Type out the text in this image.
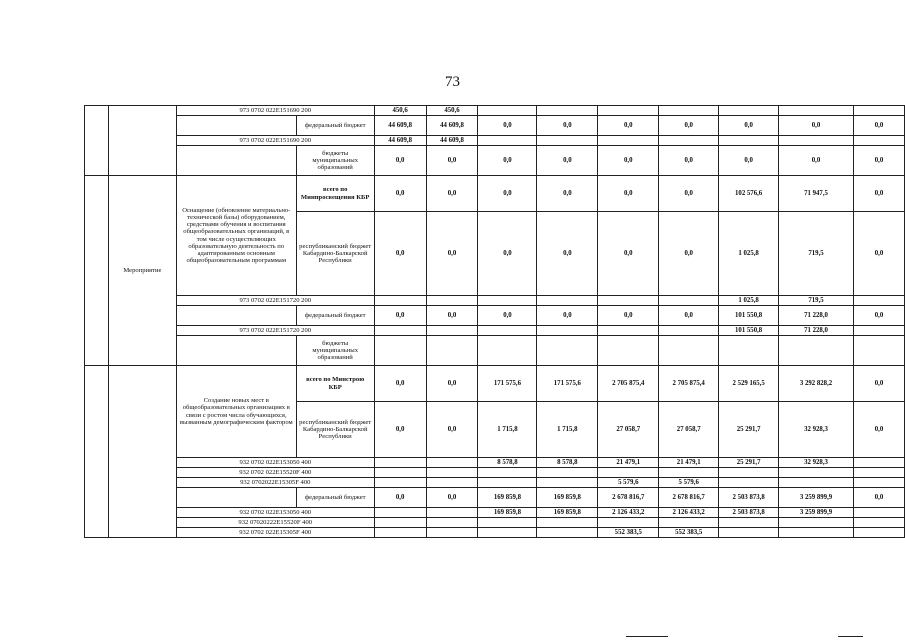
73
		973 0702 022E151690 200		450,6	450,6							
			федеральный бюджет	44 609,8	44 609,8	0,0	0,0	0,0	0,0	0,0	0,0	0,0
		973 0702 022E151690 200		44 609,8	44 609,8							
			бюджеты муниципальных образований	0,0	0,0	0,0	0,0	0,0	0,0	0,0	0,0	0,0
	Мероприятие	Оснащение (обновление материально-технической базы) оборудованием, средствами обучения и воспитания общеобразовательных организаций, в том числе осуществляющих образовательную деятельность по адаптированным основным общеобразовательным программам	всего по Минпросвещения КБР	0,0	0,0	0,0	0,0	0,0	0,0	102 576,6	71 947,5	0,0
			республиканский бюджет Кабардино-Балкарской Республики	0,0	0,0	0,0	0,0	0,0	0,0	1 025,8	719,5	0,0
		973 0702 022E151720 200								1 025,8	719,5	
			федеральный бюджет	0,0	0,0	0,0	0,0	0,0	0,0	101 550,8	71 228,0	0,0
		973 0702 022E151720 200								101 550,8	71 228,0	
			бюджеты муниципальных образований									
		Создание новых мест в общеобразовательных организациях в связи с ростом числа обучающихся, вызванным демографическим фактором	всего по Минстрою КБР	0,0	0,0	171 575,6	171 575,6	2 705 875,4	2 705 875,4	2 529 165,5	3 292 828,2	0,0
			республиканский бюджет Кабардино-Балкарской Республики	0,0	0,0	1 715,8	1 715,8	27 058,7	27 058,7	25 291,7	32 928,3	0,0
		932 0702 022E153050 400				8 578,8	8 578,8	21 479,1	21 479,1	25 291,7	32 928,3	
		932 0702 022E15520F 400										
		932 0702022E15305F 400						5 579,6	5 579,6			
			федеральный бюджет	0,0	0,0	169 859,8	169 859,8	2 678 816,7	2 678 816,7	2 503 873,8	3 259 899,9	0,0
		932 0702 022E153050 400				169 859,8	169 859,8	2 126 433,2	2 126 433,2	2 503 873,8	3 259 899,9	
		932 07020222E15520F 400										
		932 0702 022E15305F 400						552 383,5	552 383,5			
